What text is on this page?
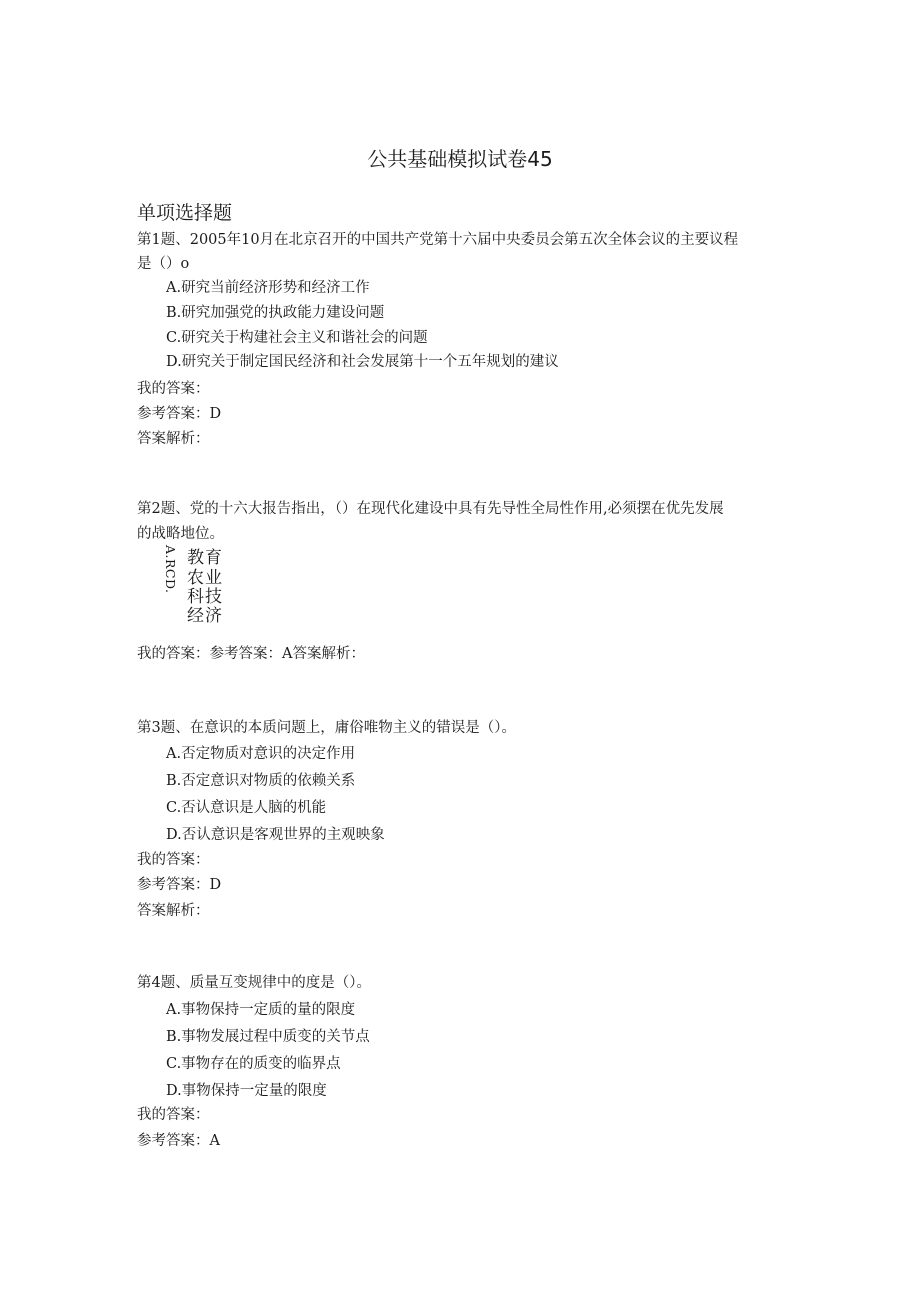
公共基础模拟试卷45
单项选择题
第1题、2005年10月在北京召开的中国共产党第十六届中央委员会第五次全体会议的主要议程
是（）o
A.研究当前经济形势和经济工作
B.研究加强党的执政能力建设问题
C.研究关于构建社会主义和谐社会的问题
D.研究关于制定国民经济和社会发展第十一个五年规划的建议
我的答案：
参考答案：D
答案解析：
第2题、党的十六大报告指出，（）在现代化建设中具有先导性全局性作用,必须摆在优先发展
的战略地位。
A.RCD. 教育
农业
科技
经济
我的答案：参考答案：A答案解析：
第3题、在意识的本质问题上，庸俗唯物主义的错误是（）。
A.否定物质对意识的决定作用
B.否定意识对物质的依赖关系
C.否认意识是人脑的机能
D.否认意识是客观世界的主观映象
我的答案：
参考答案：D
答案解析：
第4题、质量互变规律中的度是（）。
A.事物保持一定质的量的限度
B.事物发展过程中质变的关节点
C.事物存在的质变的临界点
D.事物保持一定量的限度
我的答案：
参考答案：A
